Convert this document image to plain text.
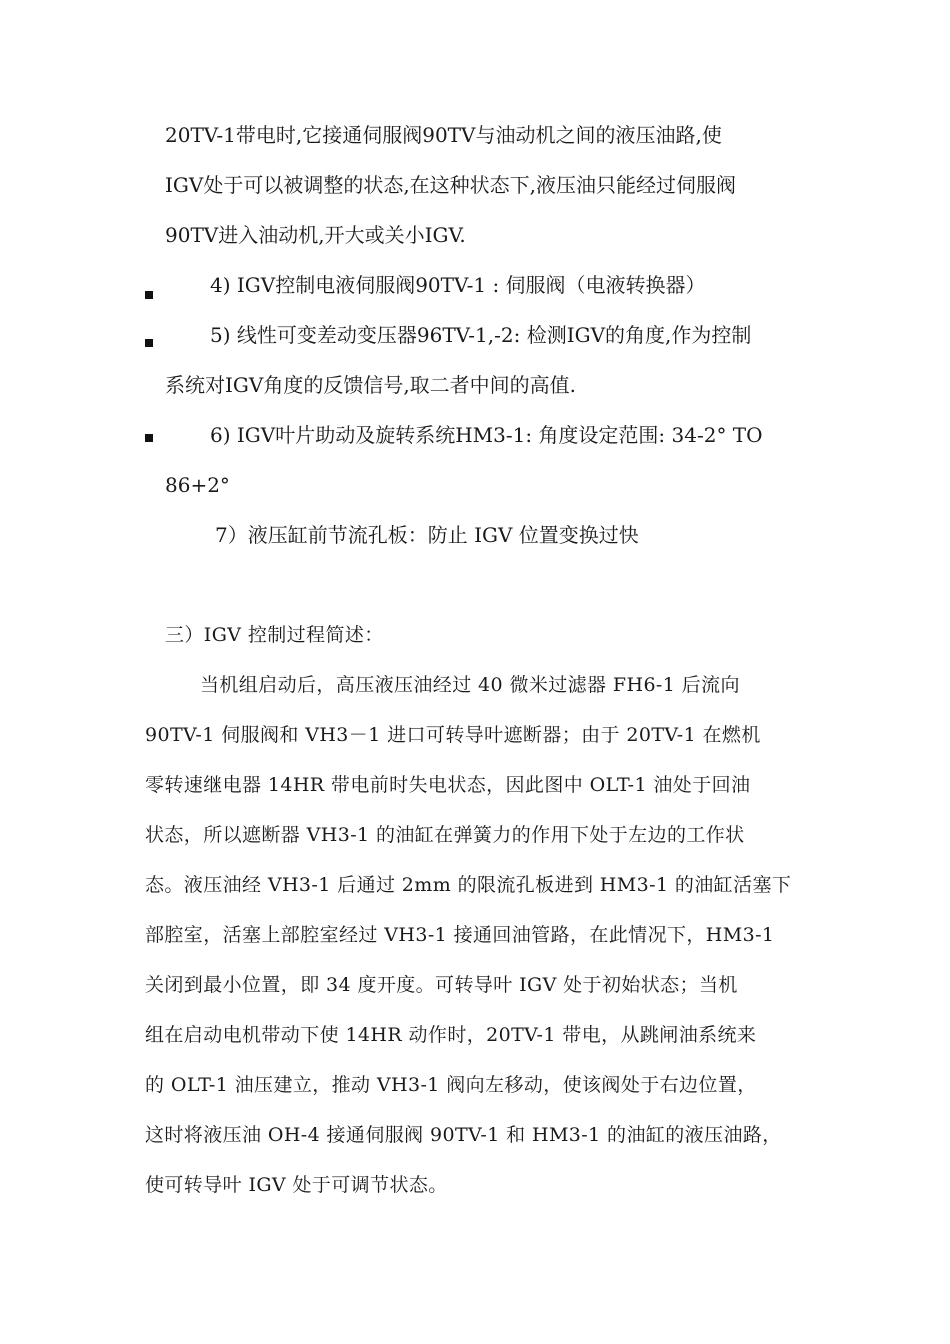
20TV-1带电时,它接通伺服阀90TV与油动机之间的液压油路,使
IGV处于可以被调整的状态,在这种状态下,液压油只能经过伺服阀
90TV进入油动机,开大或关小IGV.
4) IGV控制电液伺服阀90TV-1 : 伺服阀（电液转换器）
5) 线性可变差动变压器96TV-1,-2: 检测IGV的角度,作为控制
系统对IGV角度的反馈信号,取二者中间的高值.
6) IGV叶片助动及旋转系统HM3-1: 角度设定范围: 34-2° TO
86+2°
7）液压缸前节流孔板：防止 IGV 位置变换过快
三）IGV 控制过程简述：
当机组启动后，高压液压油经过 40 微米过滤器 FH6-1 后流向
90TV-1 伺服阀和 VH3－1 进口可转导叶遮断器；由于 20TV-1 在燃机
零转速继电器 14HR 带电前时失电状态，因此图中 OLT-1 油处于回油
状态，所以遮断器 VH3-1 的油缸在弹簧力的作用下处于左边的工作状
态。液压油经 VH3-1 后通过 2mm 的限流孔板进到 HM3-1 的油缸活塞下
部腔室，活塞上部腔室经过 VH3-1 接通回油管路，在此情况下，HM3-1
关闭到最小位置，即 34 度开度。可转导叶 IGV 处于初始状态；当机
组在启动电机带动下使 14HR 动作时，20TV-1 带电，从跳闸油系统来
的 OLT-1 油压建立，推动 VH3-1 阀向左移动，使该阀处于右边位置，
这时将液压油 OH-4 接通伺服阀 90TV-1 和 HM3-1 的油缸的液压油路，
使可转导叶 IGV 处于可调节状态。
